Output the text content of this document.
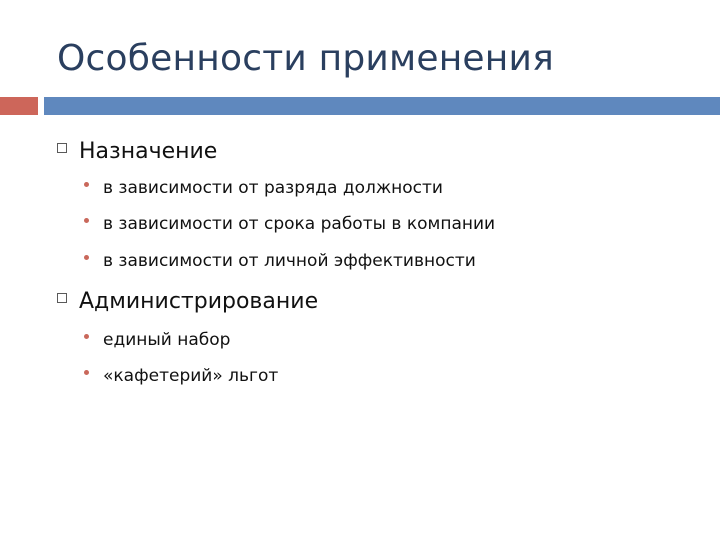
Особенности применения
Назначение
в зависимости от разряда должности
в зависимости от срока работы в компании
в зависимости от личной эффективности
Администрирование
единый набор
«кафетерий» льгот
